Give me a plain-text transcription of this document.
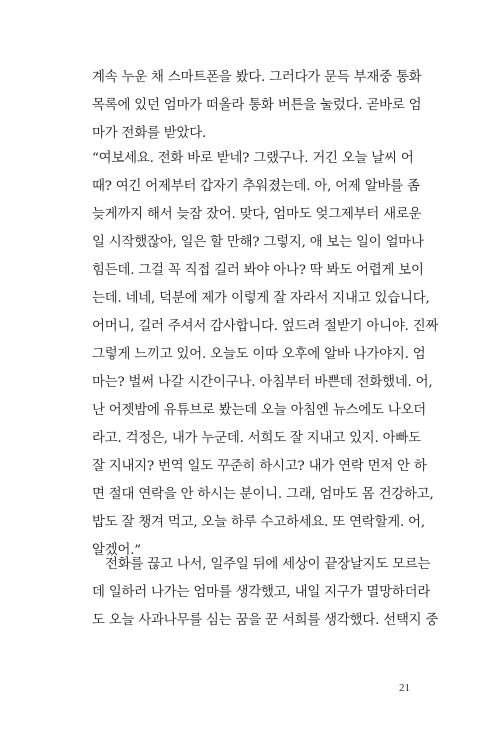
계속 누운 채 스마트폰을 봤다. 그러다가 문득 부재중 통화
목록에 있던 엄마가 떠올라 통화 버튼을 눌렀다. 곧바로 엄
마가 전화를 받았다.
“여보세요. 전화 바로 받네? 그랬구나. 거긴 오늘 날씨 어
때? 여긴 어제부터 갑자기 추워졌는데. 아, 어제 알바를 좀
늦게까지 해서 늦잠 잤어. 맞다, 엄마도 엊그제부터 새로운
일 시작했잖아, 일은 할 만해? 그렇지, 애 보는 일이 얼마나
힘든데. 그걸 꼭 직접 길러 봐야 아나? 딱 봐도 어렵게 보이
는데. 네네, 덕분에 제가 이렇게 잘 자라서 지내고 있습니다,
어머니, 길러 주셔서 감사합니다. 엎드려 절받기 아니야. 진짜
그렇게 느끼고 있어. 오늘도 이따 오후에 알바 나가야지. 엄
마는? 벌써 나갈 시간이구나. 아침부터 바쁜데 전화했네. 어,
난 어젯밤에 유튜브로 봤는데 오늘 아침엔 뉴스에도 나오더
라고. 걱정은, 내가 누군데. 서희도 잘 지내고 있지. 아빠도
잘 지내지? 번역 일도 꾸준히 하시고? 내가 연락 먼저 안 하
면 절대 연락을 안 하시는 분이니. 그래, 엄마도 몸 건강하고,
밥도 잘 챙겨 먹고, 오늘 하루 수고하세요. 또 연락할게. 어,
알겠어.”
전화를 끊고 나서, 일주일 뒤에 세상이 끝장날지도 모르는
데 일하러 나가는 엄마를 생각했고, 내일 지구가 멸망하더라
도 오늘 사과나무를 심는 꿈을 꾼 서희를 생각했다. 선택지 중
21
